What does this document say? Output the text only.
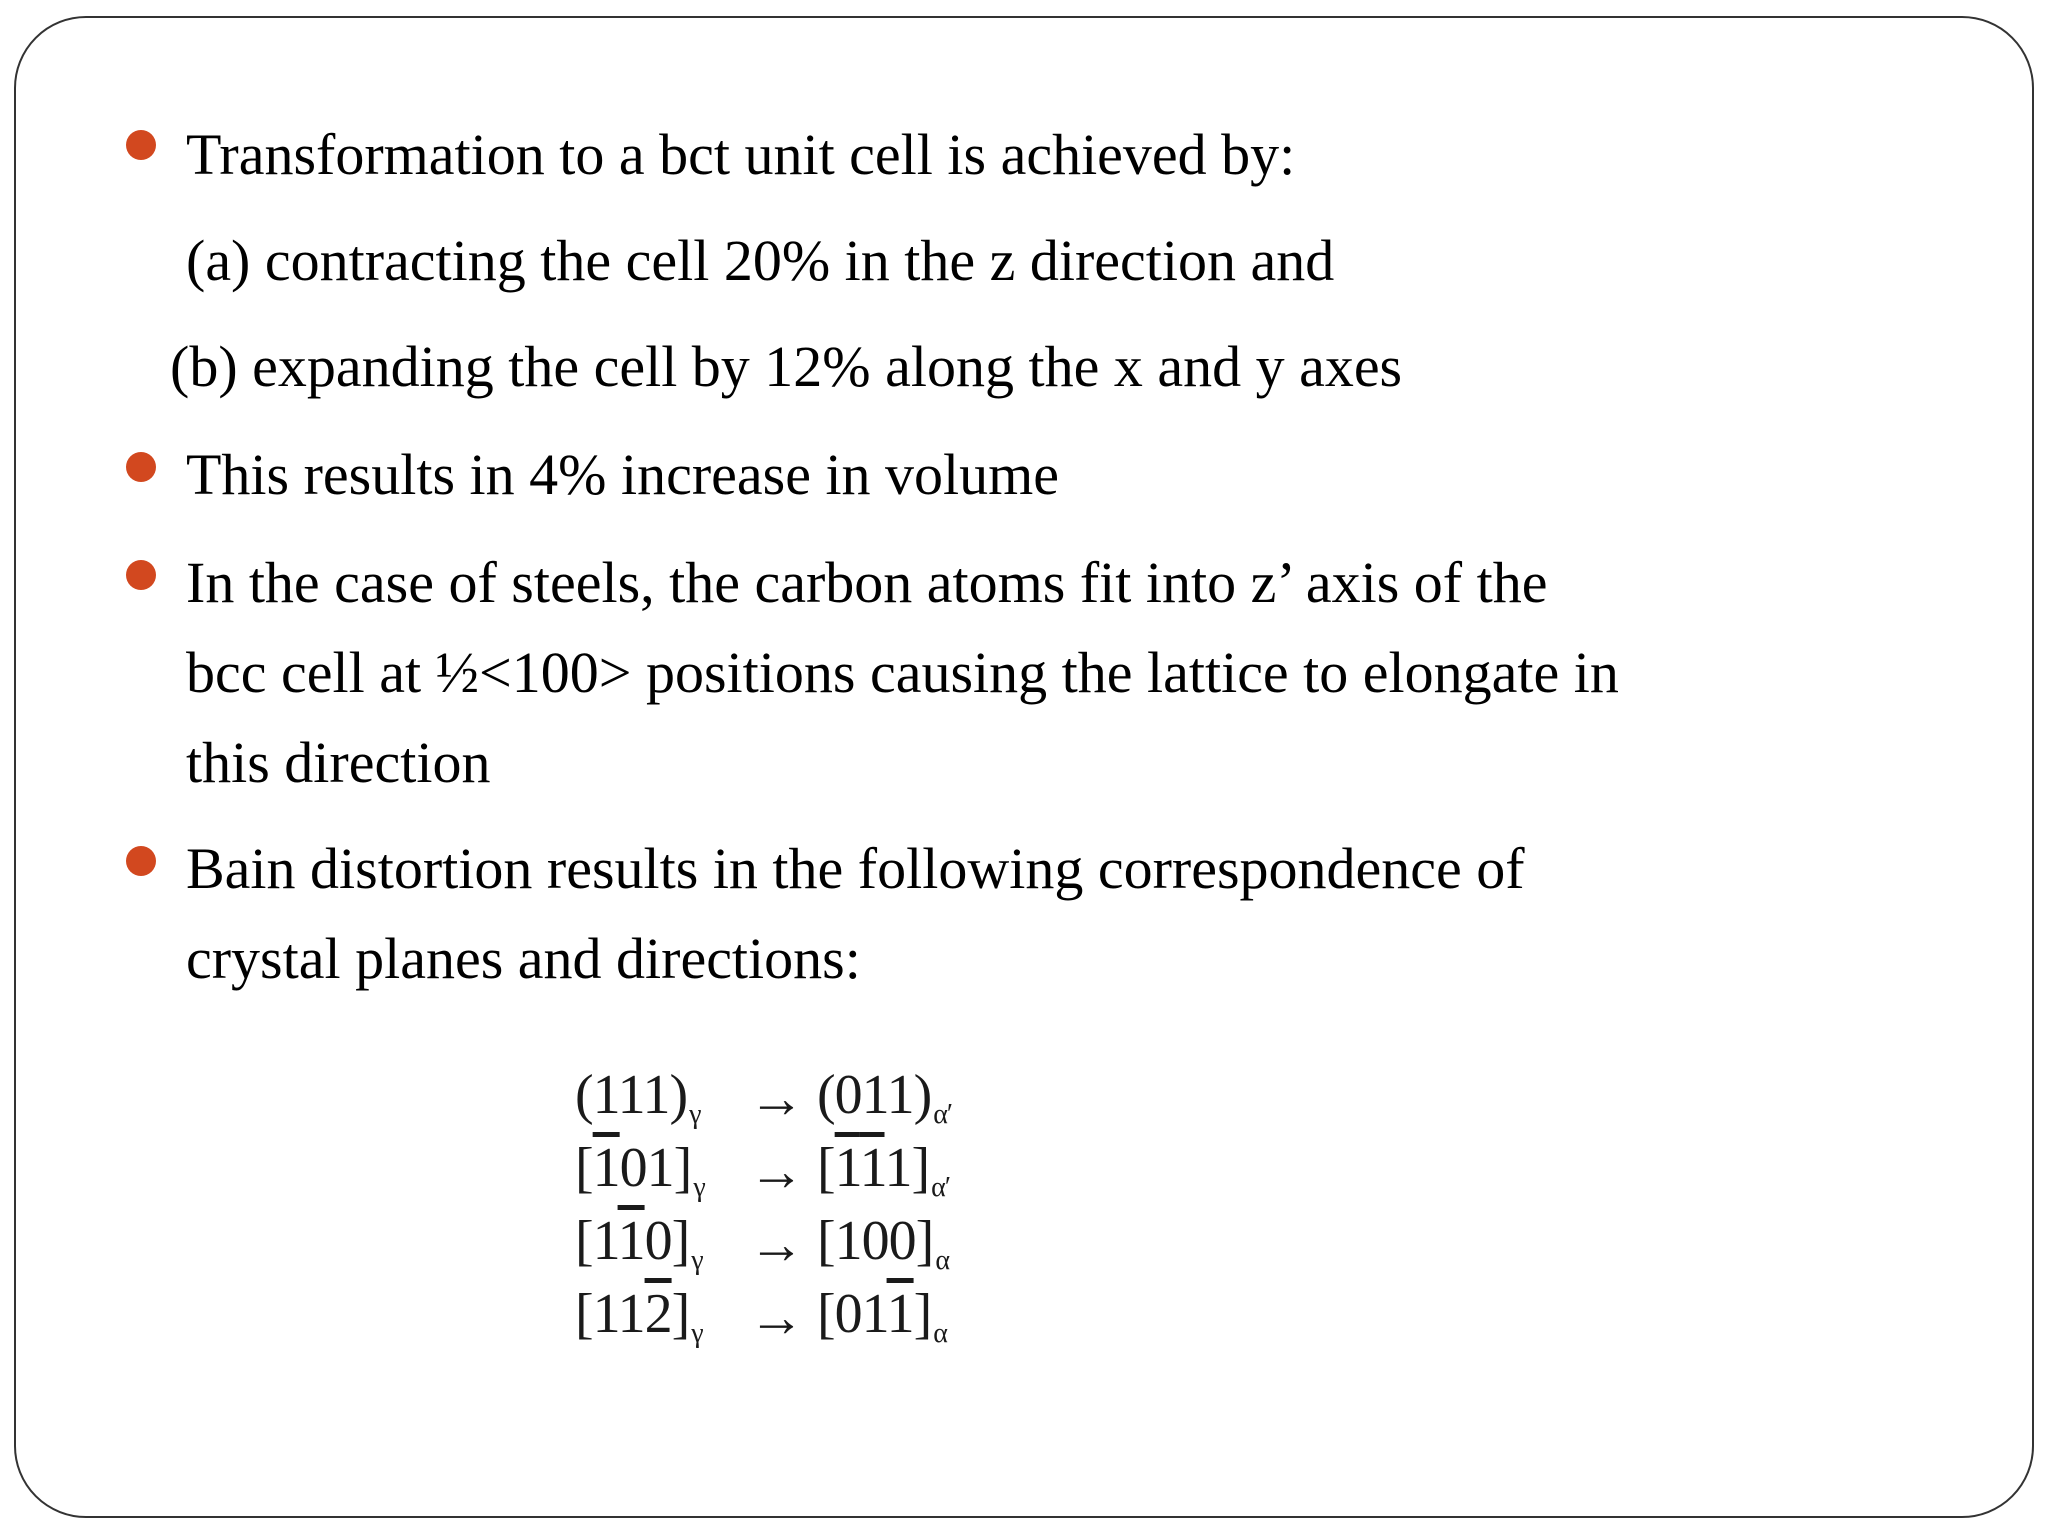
Transformation to a bct unit cell is achieved by:
(a) contracting the cell 20% in the z direction and
(b) expanding the cell by 12% along the x and y axes
This results in 4% increase in volume
In the case of steels, the carbon atoms fit into z’ axis of the
bcc cell at ½<100> positions causing the lattice to elongate in
this direction
Bain distortion results in the following correspondence of
crystal planes and directions:
$(111)_\gamma \to (011)_{\alpha'}$
$[101]_\gamma \to [111]_{\alpha'}$
$[110]_\gamma \to [100]_\alpha$
$[112]_\gamma \to [011]_\alpha$
